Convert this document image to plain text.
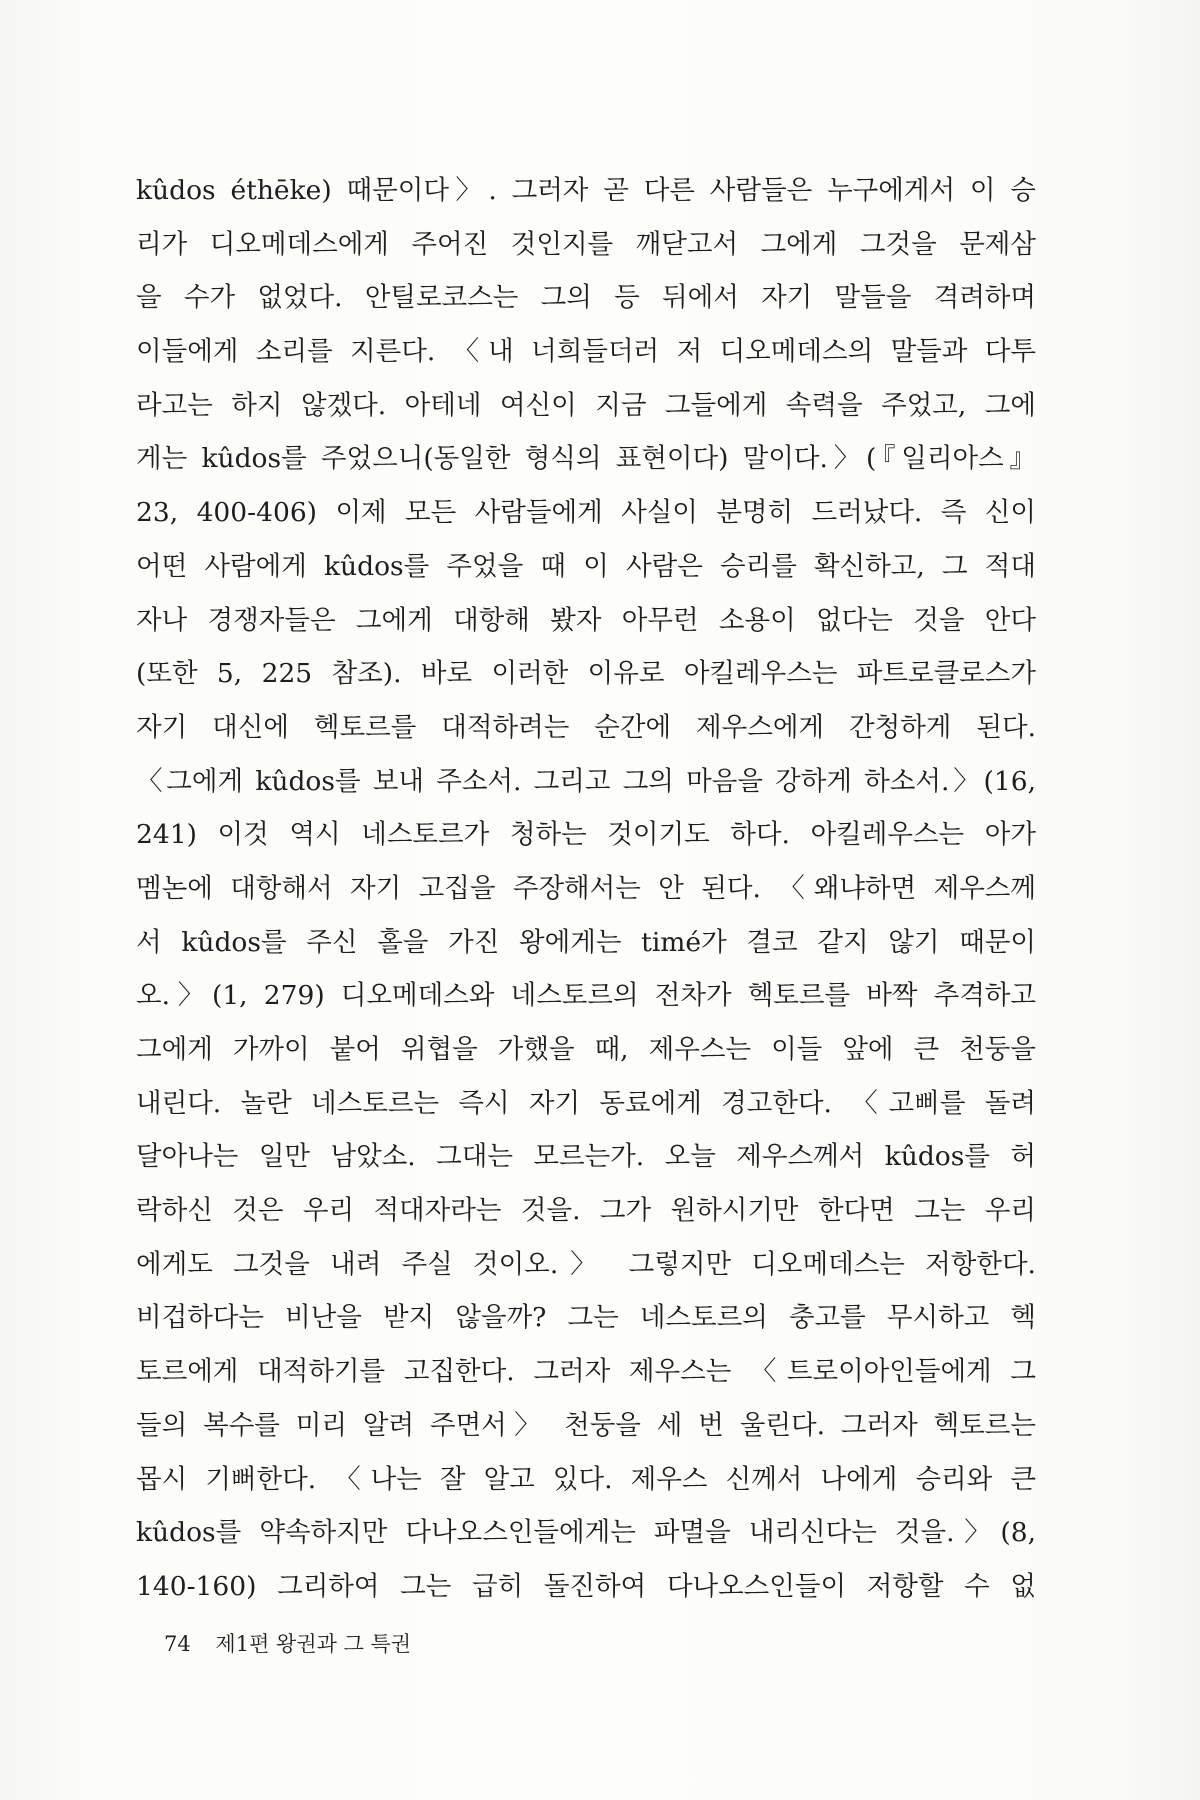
kûdos éthēke) 때문이다〉. 그러자 곧 다른 사람들은 누구에게서 이 승
리가 디오메데스에게 주어진 것인지를 깨닫고서 그에게 그것을 문제삼
을 수가 없었다. 안틸로코스는 그의 등 뒤에서 자기 말들을 격려하며
이들에게 소리를 지른다. 〈내 너희들더러 저 디오메데스의 말들과 다투
라고는 하지 않겠다. 아테네 여신이 지금 그들에게 속력을 주었고, 그에
게는 kûdos를 주었으니(동일한 형식의 표현이다) 말이다.〉(『일리아스』
23, 400-406) 이제 모든 사람들에게 사실이 분명히 드러났다. 즉 신이
어떤 사람에게 kûdos를 주었을 때 이 사람은 승리를 확신하고, 그 적대
자나 경쟁자들은 그에게 대항해 봤자 아무런 소용이 없다는 것을 안다
(또한 5, 225 참조). 바로 이러한 이유로 아킬레우스는 파트로클로스가
자기 대신에 헥토르를 대적하려는 순간에 제우스에게 간청하게 된다.
〈그에게 kûdos를 보내 주소서. 그리고 그의 마음을 강하게 하소서.〉(16,
241) 이것 역시 네스토르가 청하는 것이기도 하다. 아킬레우스는 아가
멤논에 대항해서 자기 고집을 주장해서는 안 된다. 〈왜냐하면 제우스께
서 kûdos를 주신 홀을 가진 왕에게는 timé가 결코 같지 않기 때문이
오.〉(1, 279) 디오메데스와 네스토르의 전차가 헥토르를 바짝 추격하고
그에게 가까이 붙어 위협을 가했을 때, 제우스는 이들 앞에 큰 천둥을
내린다. 놀란 네스토르는 즉시 자기 동료에게 경고한다. 〈고삐를 돌려
달아나는 일만 남았소. 그대는 모르는가. 오늘 제우스께서 kûdos를 허
락하신 것은 우리 적대자라는 것을. 그가 원하시기만 한다면 그는 우리
에게도 그것을 내려 주실 것이오.〉 그렇지만 디오메데스는 저항한다.
비겁하다는 비난을 받지 않을까? 그는 네스토르의 충고를 무시하고 헥
토르에게 대적하기를 고집한다. 그러자 제우스는 〈트로이아인들에게 그
들의 복수를 미리 알려 주면서〉 천둥을 세 번 울린다. 그러자 헥토르는
몹시 기뻐한다. 〈나는 잘 알고 있다. 제우스 신께서 나에게 승리와 큰
kûdos를 약속하지만 다나오스인들에게는 파멸을 내리신다는 것을.〉(8,
140-160) 그리하여 그는 급히 돌진하여 다나오스인들이 저항할 수 없
74 제1편 왕권과 그 특권
